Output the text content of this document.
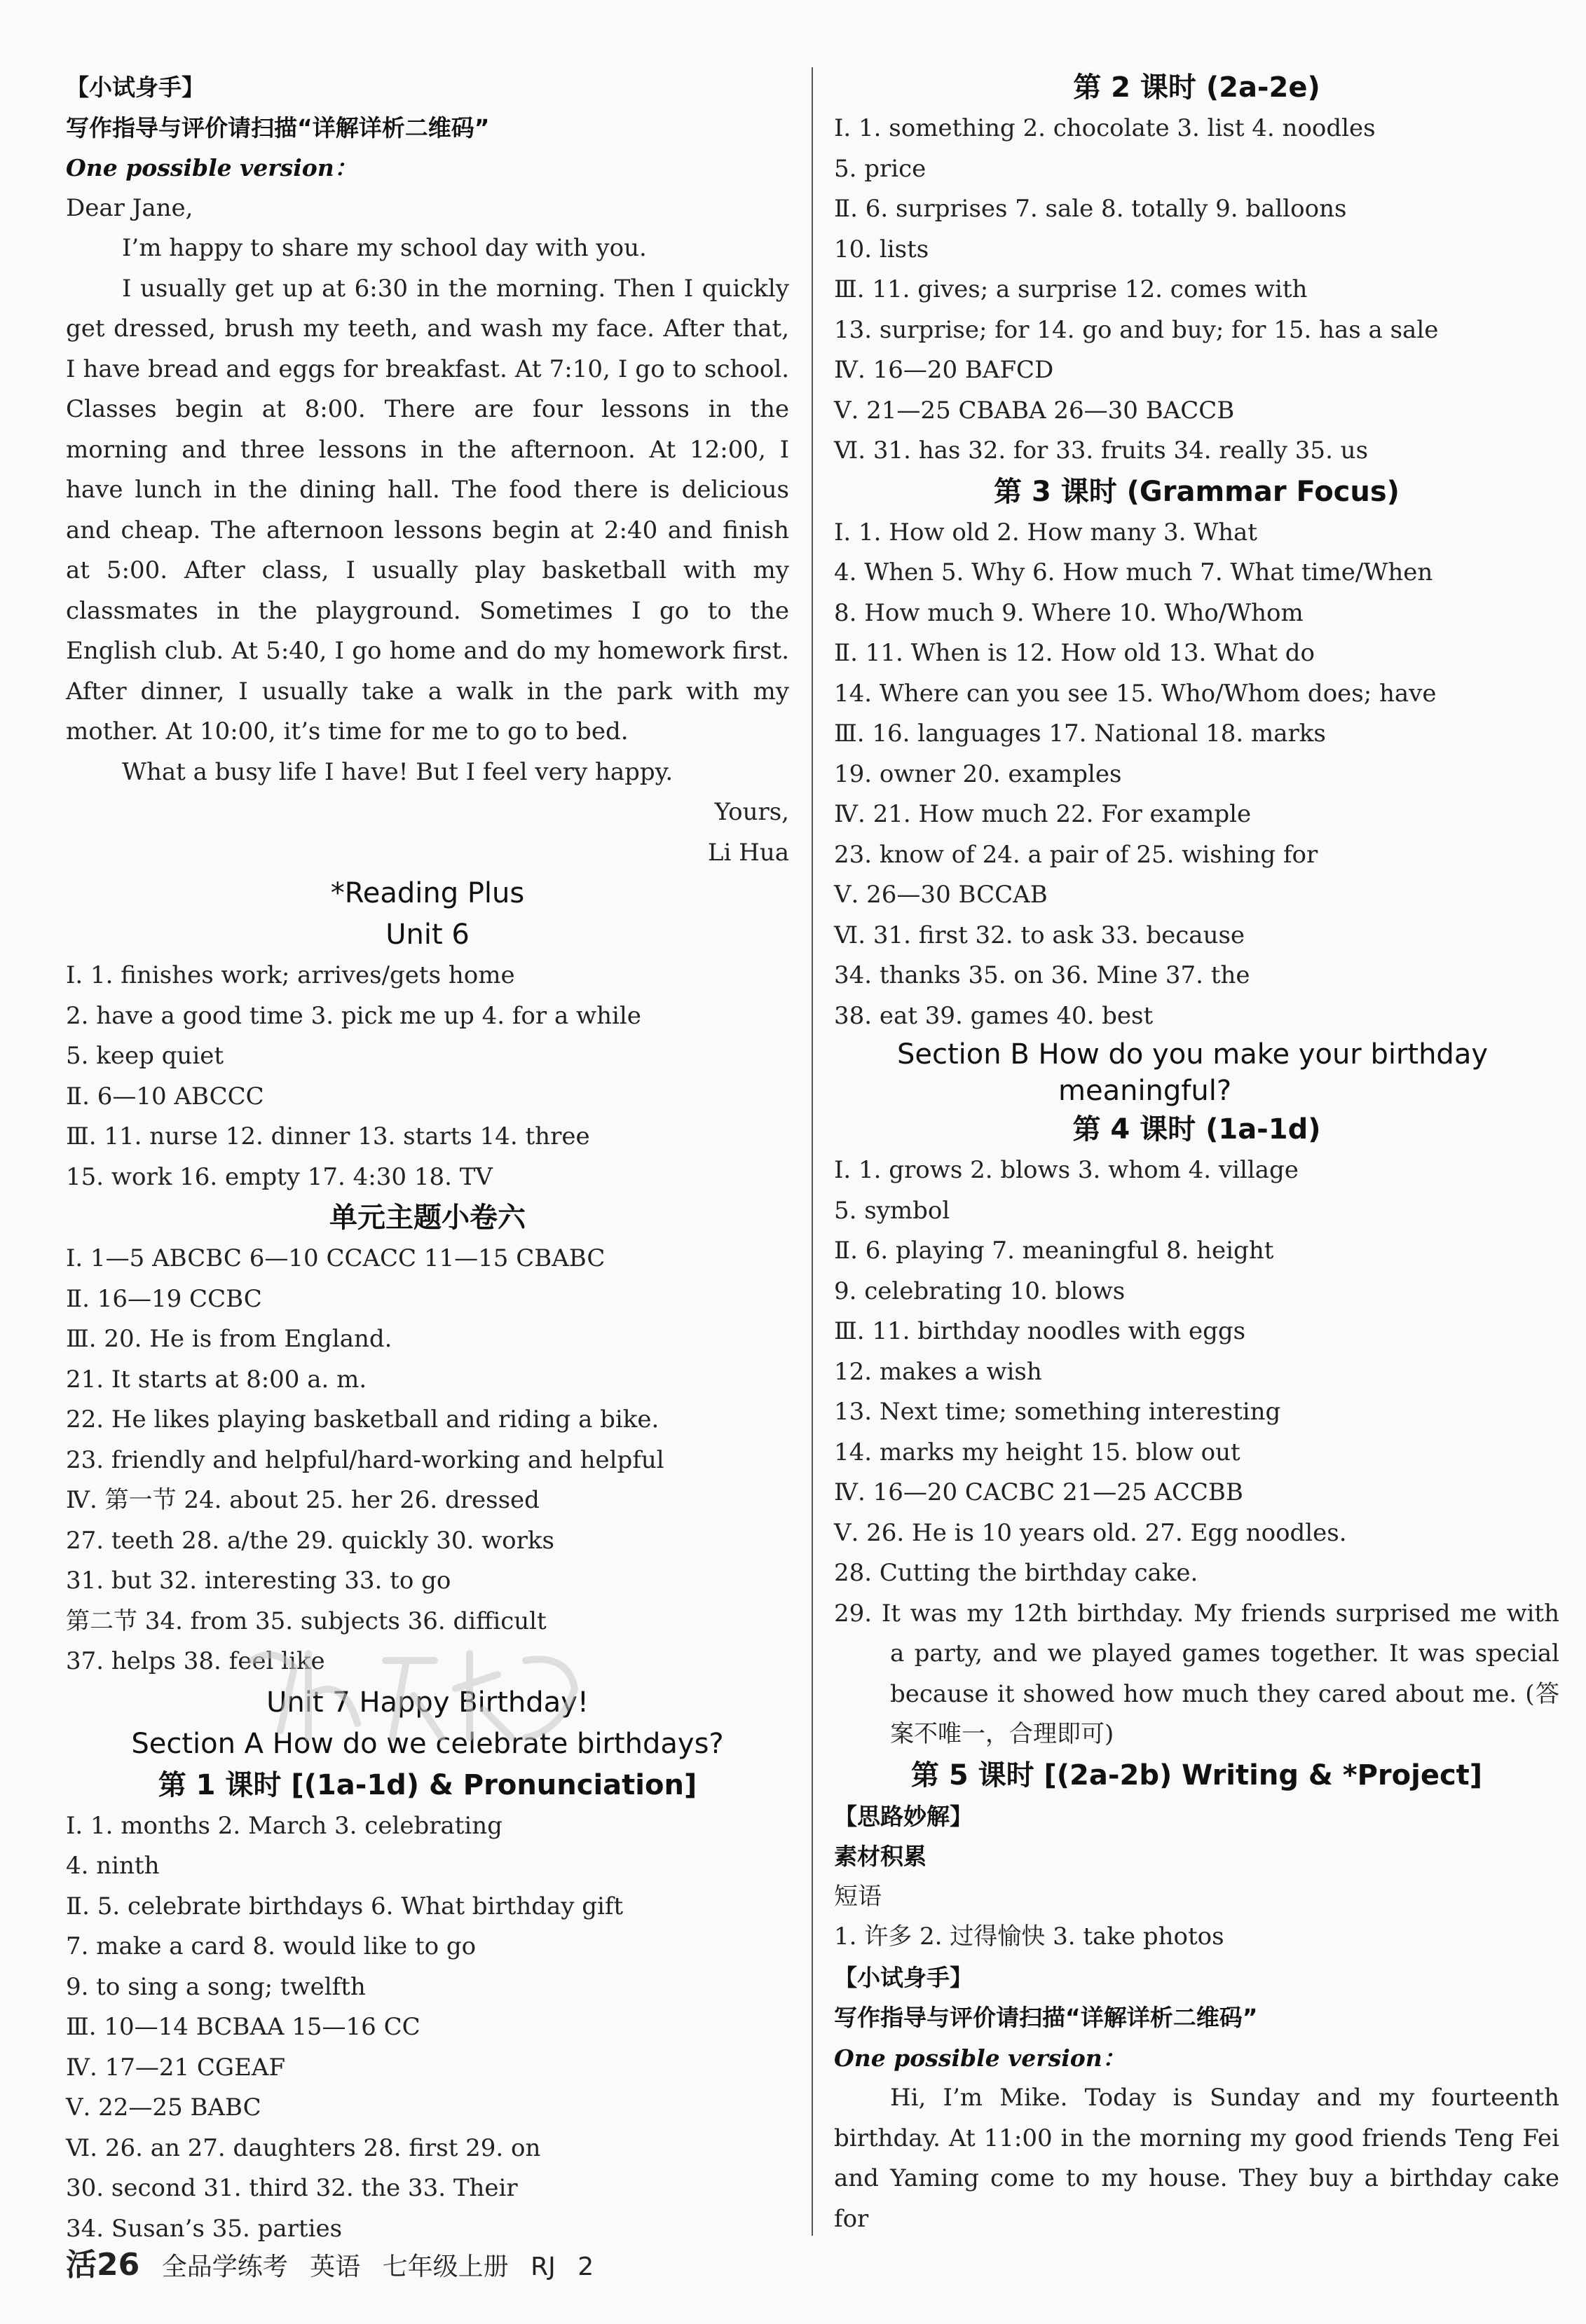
【小试身手】
写作指导与评价请扫描“详解详析二维码”
One possible version：
Dear Jane,

I’m happy to share my school day with you.

I usually get up at 6:30 in the morning. Then I quickly get dressed, brush my teeth, and wash my face. After that, I have bread and eggs for breakfast. At 7:10, I go to school. Classes begin at 8:00. There are four lessons in the morning and three lessons in the afternoon. At 12:00, I have lunch in the dining hall. The food there is delicious and cheap. The afternoon lessons begin at 2:40 and finish at 5:00. After class, I usually play basketball with my classmates in the playground. Sometimes I go to the English club. At 5:40, I go home and do my homework first. After dinner, I usually take a walk in the park with my mother. At 10:00, it’s time for me to go to bed.

What a busy life I have! But I feel very happy.

Yours,
Li Hua
*Reading Plus
Unit 6
Ⅰ. 1. finishes work; arrives/gets home
2. have a good time 3. pick me up 4. for a while
5. keep quiet
Ⅱ. 6—10 ABCCC
Ⅲ. 11. nurse 12. dinner 13. starts 14. three
15. work 16. empty 17. 4:30 18. TV
单元主题小卷六
Ⅰ. 1—5 ABCBC 6—10 CCACC 11—15 CBABC
Ⅱ. 16—19 CCBC
Ⅲ. 20. He is from England.
21. It starts at 8:00 a. m.
22. He likes playing basketball and riding a bike.
23. friendly and helpful/hard-working and helpful
Ⅳ. 第一节 24. about 25. her 26. dressed
27. teeth 28. a/the 29. quickly 30. works
31. but 32. interesting 33. to go
第二节 34. from 35. subjects 36. difficult
37. helps 38. feel like
Unit 7 Happy Birthday!
Section A How do we celebrate birthdays?
第 1 课时 [(1a-1d) & Pronunciation]
Ⅰ. 1. months 2. March 3. celebrating
4. ninth
Ⅱ. 5. celebrate birthdays 6. What birthday gift
7. make a card 8. would like to go
9. to sing a song; twelfth
Ⅲ. 10—14 BCBAA 15—16 CC
Ⅳ. 17—21 CGEAF
Ⅴ. 22—25 BABC
Ⅵ. 26. an 27. daughters 28. first 29. on
30. second 31. third 32. the 33. Their
34. Susan’s 35. parties
第 2 课时 (2a-2e)
Ⅰ. 1. something 2. chocolate 3. list 4. noodles
5. price
Ⅱ. 6. surprises 7. sale 8. totally 9. balloons
10. lists
Ⅲ. 11. gives; a surprise 12. comes with
13. surprise; for 14. go and buy; for 15. has a sale
Ⅳ. 16—20 BAFCD
Ⅴ. 21—25 CBABA 26—30 BACCB
Ⅵ. 31. has 32. for 33. fruits 34. really 35. us
第 3 课时 (Grammar Focus)
Ⅰ. 1. How old 2. How many 3. What
4. When 5. Why 6. How much 7. What time/When
8. How much 9. Where 10. Who/Whom
Ⅱ. 11. When is 12. How old 13. What do
14. Where can you see 15. Who/Whom does; have
Ⅲ. 16. languages 17. National 18. marks
19. owner 20. examples
Ⅳ. 21. How much 22. For example
23. know of 24. a pair of 25. wishing for
Ⅴ. 26—30 BCCAB
Ⅵ. 31. first 32. to ask 33. because
34. thanks 35. on 36. Mine 37. the
38. eat 39. games 40. best
Section B How do you make your birthday
meaningful?
第 4 课时 (1a-1d)
Ⅰ. 1. grows 2. blows 3. whom 4. village
5. symbol
Ⅱ. 6. playing 7. meaningful 8. height
9. celebrating 10. blows
Ⅲ. 11. birthday noodles with eggs
12. makes a wish
13. Next time; something interesting
14. marks my height 15. blow out
Ⅳ. 16—20 CACBC 21—25 ACCBB
Ⅴ. 26. He is 10 years old. 27. Egg noodles.
28. Cutting the birthday cake.

29. It was my 12th birthday. My friends surprised me with a party, and we played games together. It was special because it showed how much they cared about me. (答案不唯一，合理即可)

第 5 课时 [(2a-2b) Writing & *Project]
【思路妙解】
素材积累
短语
1. 许多 2. 过得愉快 3. take photos
【小试身手】
写作指导与评价请扫描“详解详析二维码”
One possible version：

Hi, I’m Mike. Today is Sunday and my fourteenth birthday. At 11:00 in the morning my good friends Teng Fei and Yaming come to my house. They buy a birthday cake for

活26 全品学练考 英语 七年级上册 RJ 2
